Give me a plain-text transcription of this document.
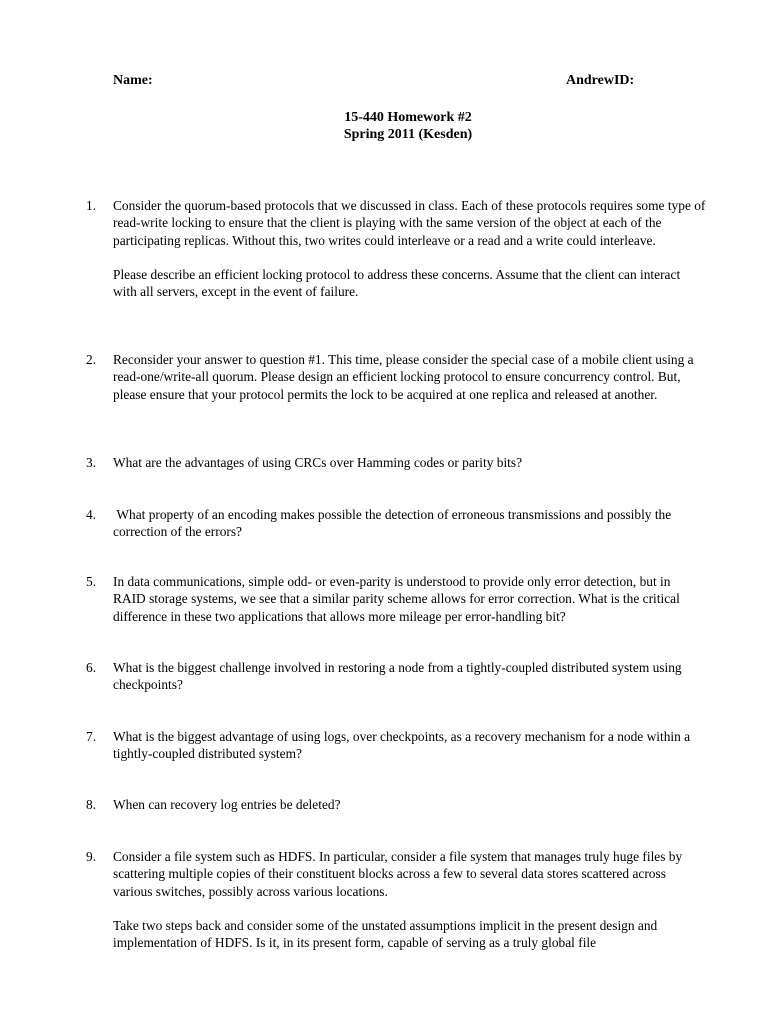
Name:	AndrewID:
15-440 Homework #2
Spring 2011 (Kesden)
1.	Consider the quorum-based protocols that we discussed in class. Each of these protocols requires some type of read-write locking to ensure that the client is playing with the same version of the object at each of the participating replicas. Without this, two writes could interleave or a read and a write could interleave.

Please describe an efficient locking protocol to address these concerns. Assume that the client can interact with all servers, except in the event of failure.

2.	Reconsider your answer to question #1. This time, please consider the special case of a mobile client using a read-one/write-all quorum. Please design an efficient locking protocol to ensure concurrency control. But, please ensure that your protocol permits the lock to be acquired at one replica and released at another.

3.	What are the advantages of using CRCs over Hamming codes or parity bits?

4.	What property of an encoding makes possible the detection of erroneous transmissions and possibly the correction of the errors?

5.	In data communications, simple odd- or even-parity is understood to provide only error detection, but in RAID storage systems, we see that a similar parity scheme allows for error correction. What is the critical difference in these two applications that allows more mileage per error-handling bit?

6.	What is the biggest challenge involved in restoring a node from a tightly-coupled distributed system using checkpoints?

7.	What is the biggest advantage of using logs, over checkpoints, as a recovery mechanism for a node within a tightly-coupled distributed system?

8.	When can recovery log entries be deleted?

9.	Consider a file system such as HDFS. In particular, consider a file system that manages truly huge files by scattering multiple copies of their constituent blocks across a few to several data stores scattered across various switches, possibly across various locations.

Take two steps back and consider some of the unstated assumptions implicit in the present design and implementation of HDFS. Is it, in its present form, capable of serving as a truly global file
